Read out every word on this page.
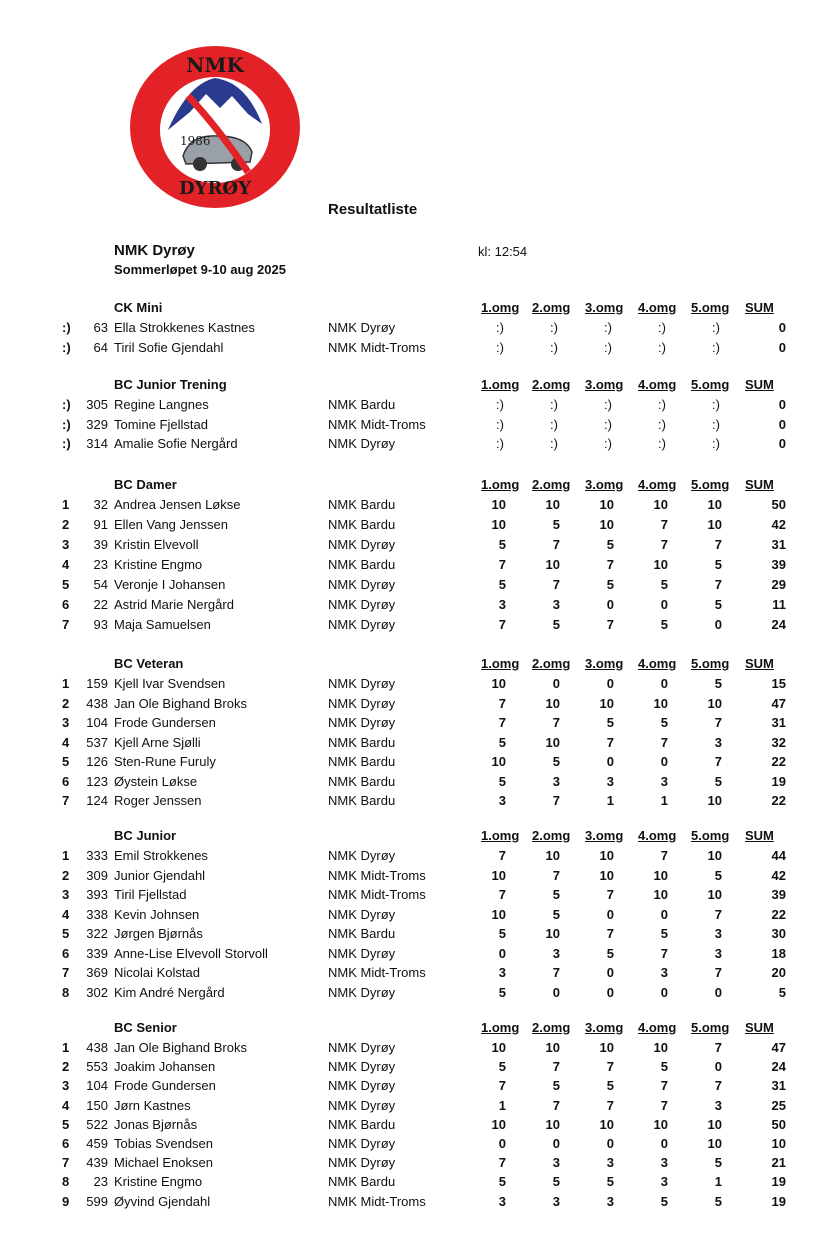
NMK
DYRØY
1986
Resultatliste
NMK Dyrøy
Sommerløpet 9-10 aug 2025
kl: 12:54
CK Mini	1.omg 2.omg 3.omg 4.omg 5.omg SUM
:)	63 Ella Strokkenes Kastnes	NMK Dyrøy	:)	:)	:)	:)	:)	0
:)	64 Tiril Sofie Gjendahl	NMK Midt-Troms	:)	:)	:)	:)	:)	0
BC Junior Trening	1.omg 2.omg 3.omg 4.omg 5.omg SUM
:)	305 Regine Langnes	NMK Bardu	:)	:)	:)	:)	:)	0
:)	329 Tomine Fjellstad	NMK Midt-Troms	:)	:)	:)	:)	:)	0
:)	314 Amalie Sofie Nergård	NMK Dyrøy	:)	:)	:)	:)	:)	0
BC Damer	1.omg 2.omg 3.omg 4.omg 5.omg SUM
1	32 Andrea Jensen Løkse	NMK Bardu	10	10	10	10	10	50
2	91 Ellen Vang Jenssen	NMK Bardu	10	5	10	7	10	42
3	39 Kristin Elvevoll	NMK Dyrøy	5	7	5	7	7	31
4	23 Kristine Engmo	NMK Bardu	7	10	7	10	5	39
5	54 Veronje I Johansen	NMK Dyrøy	5	7	5	5	7	29
6	22 Astrid Marie Nergård	NMK Dyrøy	3	3	0	0	5	11
7	93 Maja Samuelsen	NMK Dyrøy	7	5	7	5	0	24
BC Veteran	1.omg 2.omg 3.omg 4.omg 5.omg SUM
1	159 Kjell Ivar Svendsen	NMK Dyrøy	10	0	0	0	5	15
2	438 Jan Ole Bighand Broks	NMK Dyrøy	7	10	10	10	10	47
3	104 Frode Gundersen	NMK Dyrøy	7	7	5	5	7	31
4	537 Kjell Arne Sjølli	NMK Bardu	5	10	7	7	3	32
5	126 Sten-Rune Furuly	NMK Bardu	10	5	0	0	7	22
6	123 Øystein Løkse	NMK Bardu	5	3	3	3	5	19
7	124 Roger Jenssen	NMK Bardu	3	7	1	1	10	22
BC Junior	1.omg 2.omg 3.omg 4.omg 5.omg SUM
1	333 Emil Strokkenes	NMK Dyrøy	7	10	10	7	10	44
2	309 Junior Gjendahl	NMK Midt-Troms	10	7	10	10	5	42
3	393 Tiril Fjellstad	NMK Midt-Troms	7	5	7	10	10	39
4	338 Kevin Johnsen	NMK Dyrøy	10	5	0	0	7	22
5	322 Jørgen Bjørnås	NMK Bardu	5	10	7	5	3	30
6	339 Anne-Lise Elvevoll Storvoll	NMK Dyrøy	0	3	5	7	3	18
7	369 Nicolai Kolstad	NMK Midt-Troms	3	7	0	3	7	20
8	302 Kim André Nergård	NMK Dyrøy	5	0	0	0	0	5
BC Senior	1.omg 2.omg 3.omg 4.omg 5.omg SUM
1	438 Jan Ole Bighand Broks	NMK Dyrøy	10	10	10	10	7	47
2	553 Joakim Johansen	NMK Dyrøy	5	7	7	5	0	24
3	104 Frode Gundersen	NMK Dyrøy	7	5	5	7	7	31
4	150 Jørn Kastnes	NMK Dyrøy	1	7	7	7	3	25
5	522 Jonas Bjørnås	NMK Bardu	10	10	10	10	10	50
6	459 Tobias Svendsen	NMK Dyrøy	0	0	0	0	10	10
7	439 Michael Enoksen	NMK Dyrøy	7	3	3	3	5	21
8	23 Kristine Engmo	NMK Bardu	5	5	5	3	1	19
9	599 Øyvind Gjendahl	NMK Midt-Troms	3	3	3	5	5	19
